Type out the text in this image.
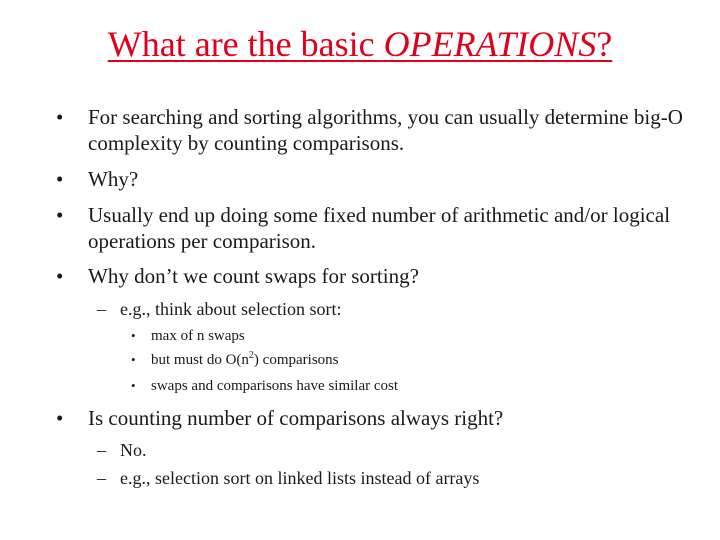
What are the basic OPERATIONS?
• For searching and sorting algorithms, you can usually determine big-O complexity by counting comparisons.
• Why?
• Usually end up doing some fixed number of arithmetic and/or logical operations per comparison.
• Why don’t we count swaps for sorting?
– e.g., think about selection sort:
• max of n swaps
• but must do $O(n^2)$ comparisons
• swaps and comparisons have similar cost
• Is counting number of comparisons always right?
– No.
– e.g., selection sort on linked lists instead of arrays
